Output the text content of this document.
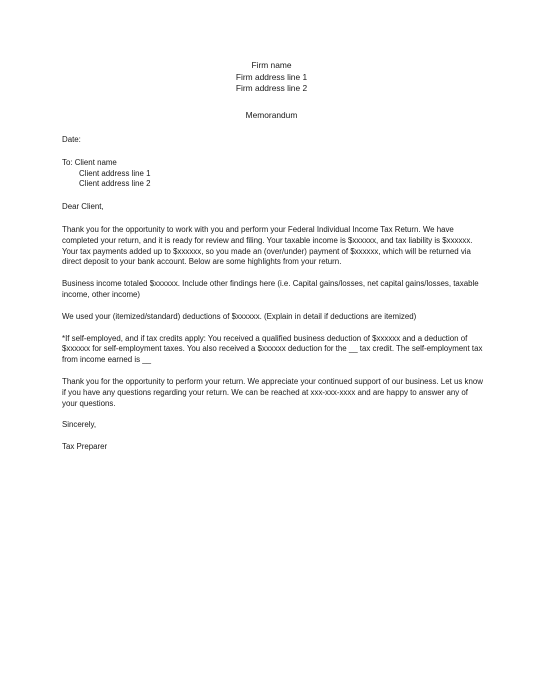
Firm name
Firm address line 1
Firm address line 2
Memorandum
Date:
To: Client name
Client address line 1
Client address line 2
Dear Client,

Thank you for the opportunity to work with you and perform your Federal Individual Income Tax Return. We have completed your return, and it is ready for review and filing. Your taxable income is $xxxxxx, and tax liability is $xxxxxx. Your tax payments added up to $xxxxxx, so you made an (over/under) payment of $xxxxxx, which will be returned via direct deposit to your bank account. Below are some highlights from your return.

Business income totaled $xxxxxx. Include other findings here (i.e. Capital gains/losses, net capital gains/losses, taxable income, other income)

We used your (itemized/standard) deductions of $xxxxxx. (Explain in detail if deductions are itemized)

*If self-employed, and if tax credits apply: You received a qualified business deduction of $xxxxxx and a deduction of $xxxxxx for self-employment taxes. You also received a $xxxxxx deduction for the __ tax credit. The self-employment tax from income earned is __

Thank you for the opportunity to perform your return. We appreciate your continued support of our business. Let us know if you have any questions regarding your return. We can be reached at xxx-xxx-xxxx and are happy to answer any of your questions.

Sincerely,
Tax Preparer
